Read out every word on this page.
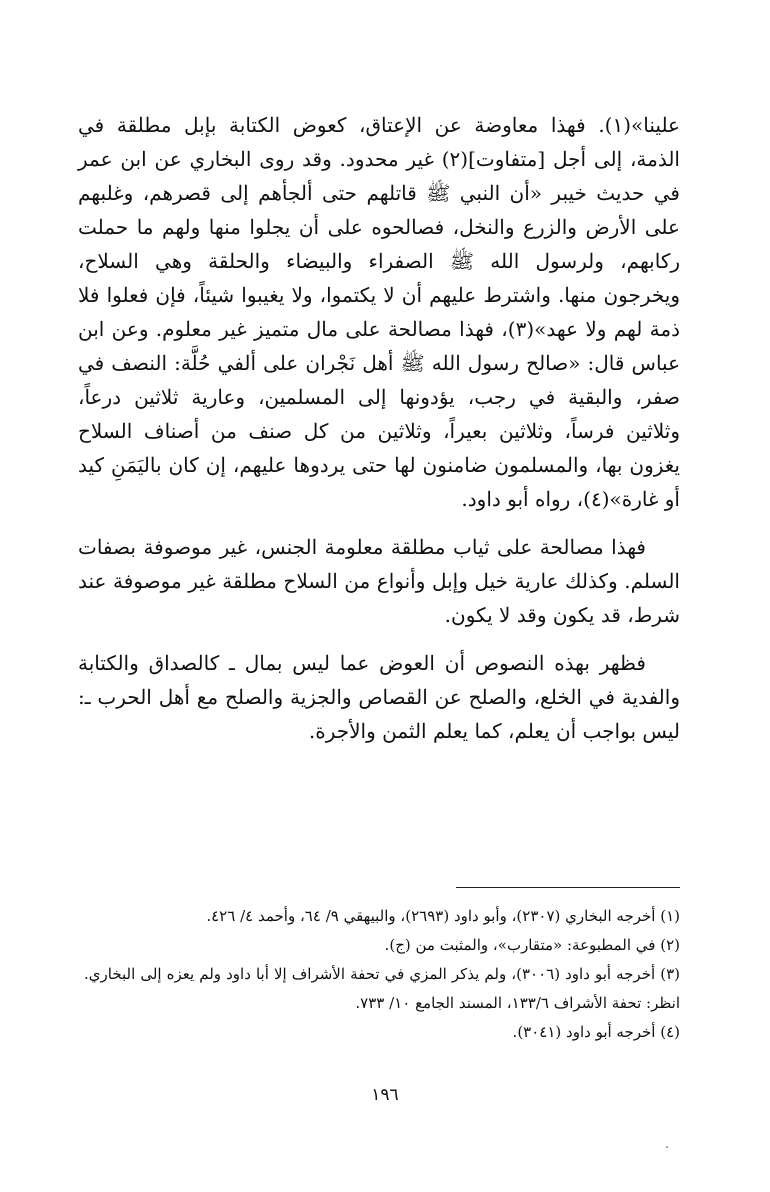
علينا»(١). فهذا معاوضة عن الإعتاق، كعوض الكتابة بإبل مطلقة في الذمة، إلى أجل [متفاوت](٢) غير محدود. وقد روى البخاري عن ابن عمر في حديث خيبر «أن النبي ﷺ قاتلهم حتى ألجأهم إلى قصرهم، وغلبهم على الأرض والزرع والنخل، فصالحوه على أن يجلوا منها ولهم ما حملت ركابهم، ولرسول الله ﷺ الصفراء والبيضاء والحلقة وهي السلاح، ويخرجون منها. واشترط عليهم أن لا يكتموا، ولا يغيبوا شيئاً، فإن فعلوا فلا ذمة لهم ولا عهد»(٣)، فهذا مصالحة على مال متميز غير معلوم. وعن ابن عباس قال: «صالح رسول الله ﷺ أهل نَجْران على ألفي حُلَّة: النصف في صفر، والبقية في رجب، يؤدونها إلى المسلمين، وعارية ثلاثين درعاً، وثلاثين فرساً، وثلاثين بعيراً، وثلاثين من كل صنف من أصناف السلاح يغزون بها، والمسلمون ضامنون لها حتى يردوها عليهم، إن كان باليَمَنِ كيد أو غارة»(٤)، رواه أبو داود.

فهذا مصالحة على ثياب مطلقة معلومة الجنس، غير موصوفة بصفات السلم. وكذلك عارية خيل وإبل وأنواع من السلاح مطلقة غير موصوفة عند شرط، قد يكون وقد لا يكون.

فظهر بهذه النصوص أن العوض عما ليس بمال ـ كالصداق والكتابة والفدية في الخلع، والصلح عن القصاص والجزية والصلح مع أهل الحرب ـ: ليس بواجب أن يعلم، كما يعلم الثمن والأجرة.

(١) أخرجه البخاري (٢٣٠٧)، وأبو داود (٢٦٩٣)، والبيهقي ٩/ ٦٤، وأحمد ٤/ ٤٢٦.

(٢) في المطبوعة: «متقارب»، والمثبت من (ج).

(٣) أخرجه أبو داود (٣٠٠٦)، ولم يذكر المزي في تحفة الأشراف إلا أبا داود ولم يعزه إلى البخاري. انظر: تحفة الأشراف ١٣٣/٦، المسند الجامع ١٠/ ٧٣٣.

(٤) أخرجه أبو داود (٣٠٤١).

١٩٦
